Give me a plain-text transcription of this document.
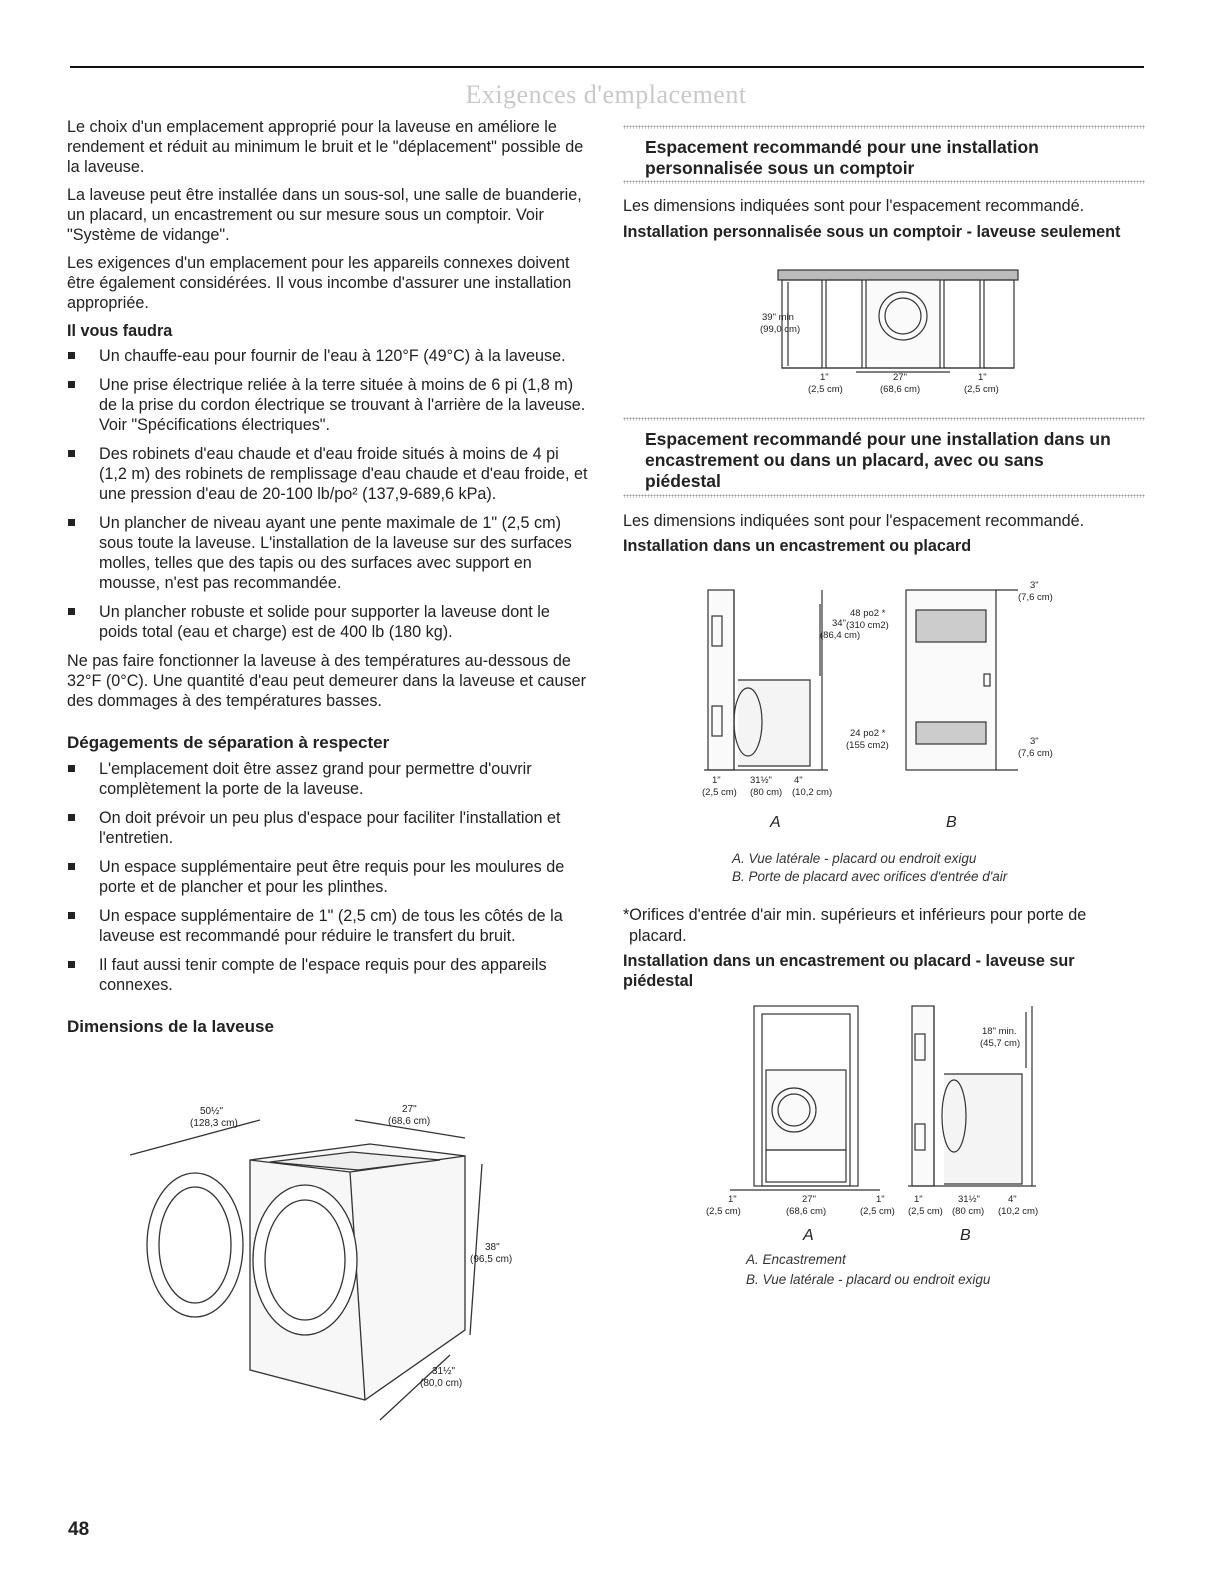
Exigences d'emplacement

Le choix d'un emplacement approprié pour la laveuse en améliore le rendement et réduit au minimum le bruit et le "déplacement" possible de la laveuse.

La laveuse peut être installée dans un sous-sol, une salle de buanderie, un placard, un encastrement ou sur mesure sous un comptoir. Voir "Système de vidange".

Les exigences d'un emplacement pour les appareils connexes doivent être également considérées. Il vous incombe d'assurer une installation appropriée.

Il vous faudra
Un chauffe-eau pour fournir de l'eau à 120°F (49°C) à la laveuse.
Une prise électrique reliée à la terre située à moins de 6 pi (1,8 m) de la prise du cordon électrique se trouvant à l'arrière de la laveuse. Voir "Spécifications électriques".
Des robinets d'eau chaude et d'eau froide situés à moins de 4 pi (1,2 m) des robinets de remplissage d'eau chaude et d'eau froide, et une pression d'eau de 20-100 lb/po² (137,9-689,6 kPa).
Un plancher de niveau ayant une pente maximale de 1" (2,5 cm) sous toute la laveuse. L'installation de la laveuse sur des surfaces molles, telles que des tapis ou des surfaces avec support en mousse, n'est pas recommandée.
Un plancher robuste et solide pour supporter la laveuse dont le poids total (eau et charge) est de 400 lb (180 kg).

Ne pas faire fonctionner la laveuse à des températures au-dessous de 32°F (0°C). Une quantité d'eau peut demeurer dans la laveuse et causer des dommages à des températures basses.

Dégagements de séparation à respecter
L'emplacement doit être assez grand pour permettre d'ouvrir complètement la porte de la laveuse.
On doit prévoir un peu plus d'espace pour faciliter l'installation et l'entretien.
Un espace supplémentaire peut être requis pour les moulures de porte et de plancher et pour les plinthes.
Un espace supplémentaire de 1" (2,5 cm) de tous les côtés de la laveuse est recommandé pour réduire le transfert du bruit.
Il faut aussi tenir compte de l'espace requis pour des appareils connexes.
Dimensions de la laveuse
50½"
(128,3 cm)
27"
(68,6 cm)
38"
(96,5 cm)
31½"
(80,0 cm)
Espacement recommandé pour une installation personnalisée sous un comptoir
Les dimensions indiquées sont pour l'espacement recommandé.
Installation personnalisée sous un comptoir - laveuse seulement
39" min
(99,0 cm)
1"
(2,5 cm)
27"
(68,6 cm)
1"
(2,5 cm)
Espacement recommandé pour une installation dans un encastrement ou dans un placard, avec ou sans piédestal
Les dimensions indiquées sont pour l'espacement recommandé.
Installation dans un encastrement ou placard
34"
(86,4 cm)
48 po2 *
(310 cm2)
24 po2 *
(155 cm2)
3"
(7,6 cm)
3"
(7,6 cm)
1"
(2,5 cm)
31½"
(80 cm)
4"
(10,2 cm)
A	B
A. Vue latérale - placard ou endroit exigu
B. Porte de placard avec orifices d'entrée d'air
*Orifices d'entrée d'air min. supérieurs et inférieurs pour porte de placard.
Installation dans un encastrement ou placard - laveuse sur piédestal
18" min.
(45,7 cm)
1"
(2,5 cm)
27"
(68,6 cm)
1"
(2,5 cm)
1"
(2,5 cm)
31½"
(80 cm)
4"
(10,2 cm)
A	B
A. Encastrement
B. Vue latérale - placard ou endroit exigu
48
